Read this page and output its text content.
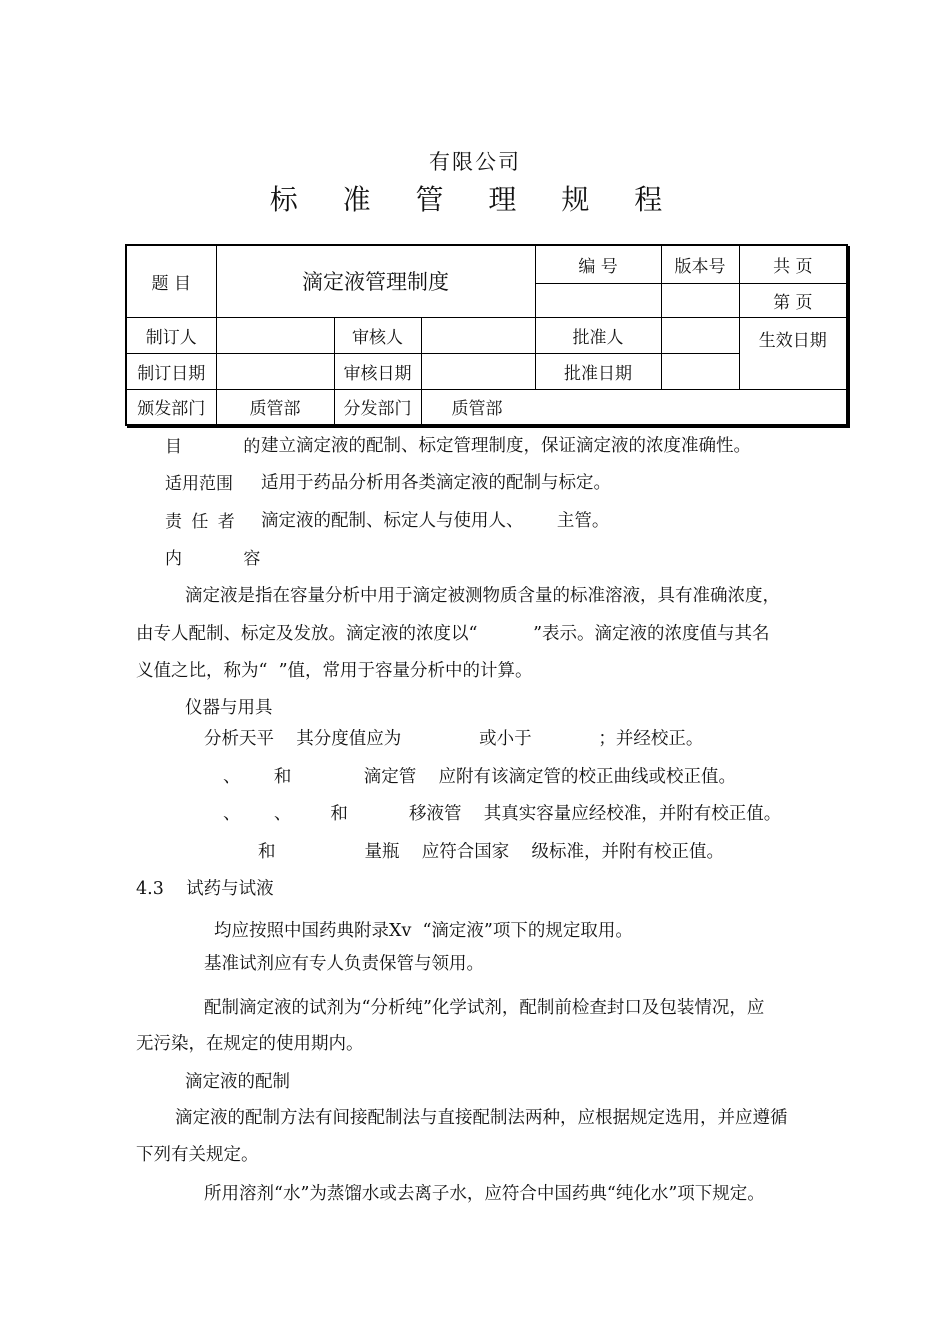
有限公司
标 准 管 理 规 程
题 目	滴定液管理制度			编 号	版本号	共 页
						第 页
制订人		审核人		批准人		生效日期
制订日期		审核日期		批准日期		
颁发部门	质管部	分发部门	质管部			
目 的
建立滴定液的配制、标定管理制度，保证滴定液的浓度准确性。
适用范围 适用于药品分析用各类滴定液的配制与标定。
责 任 者 滴定液的配制、标定人与使用人、      主管。
内 容
滴定液是指在容量分析中用于滴定被测物质含量的标准溶液，具有准确浓度，
由专人配制、标定及发放。滴定液的浓度以“          ”表示。滴定液的浓度值与其名
义值之比，称为“  ”值，常用于容量分析中的计算。
仪器与用具
分析天平    其分度值应为              或小于            ；并经校正。
、      和             滴定管    应附有该滴定管的校正曲线或校正值。
、      、       和           移液管    其真实容量应经校准，并附有校正值。
和                量瓶    应符合国家    级标准，并附有校正值。
4.3    试药与试液
均应按照中国药典附录Ⅹv  “滴定液”项下的规定取用。
基准试剂应有专人负责保管与领用。
配制滴定液的试剂为“分析纯”化学试剂，配制前检查封口及包装情况，应
无污染，在规定的使用期内。
滴定液的配制
滴定液的配制方法有间接配制法与直接配制法两种，应根据规定选用，并应遵循
下列有关规定。
所用溶剂“水”为蒸馏水或去离子水，应符合中国药典“纯化水”项下规定。
